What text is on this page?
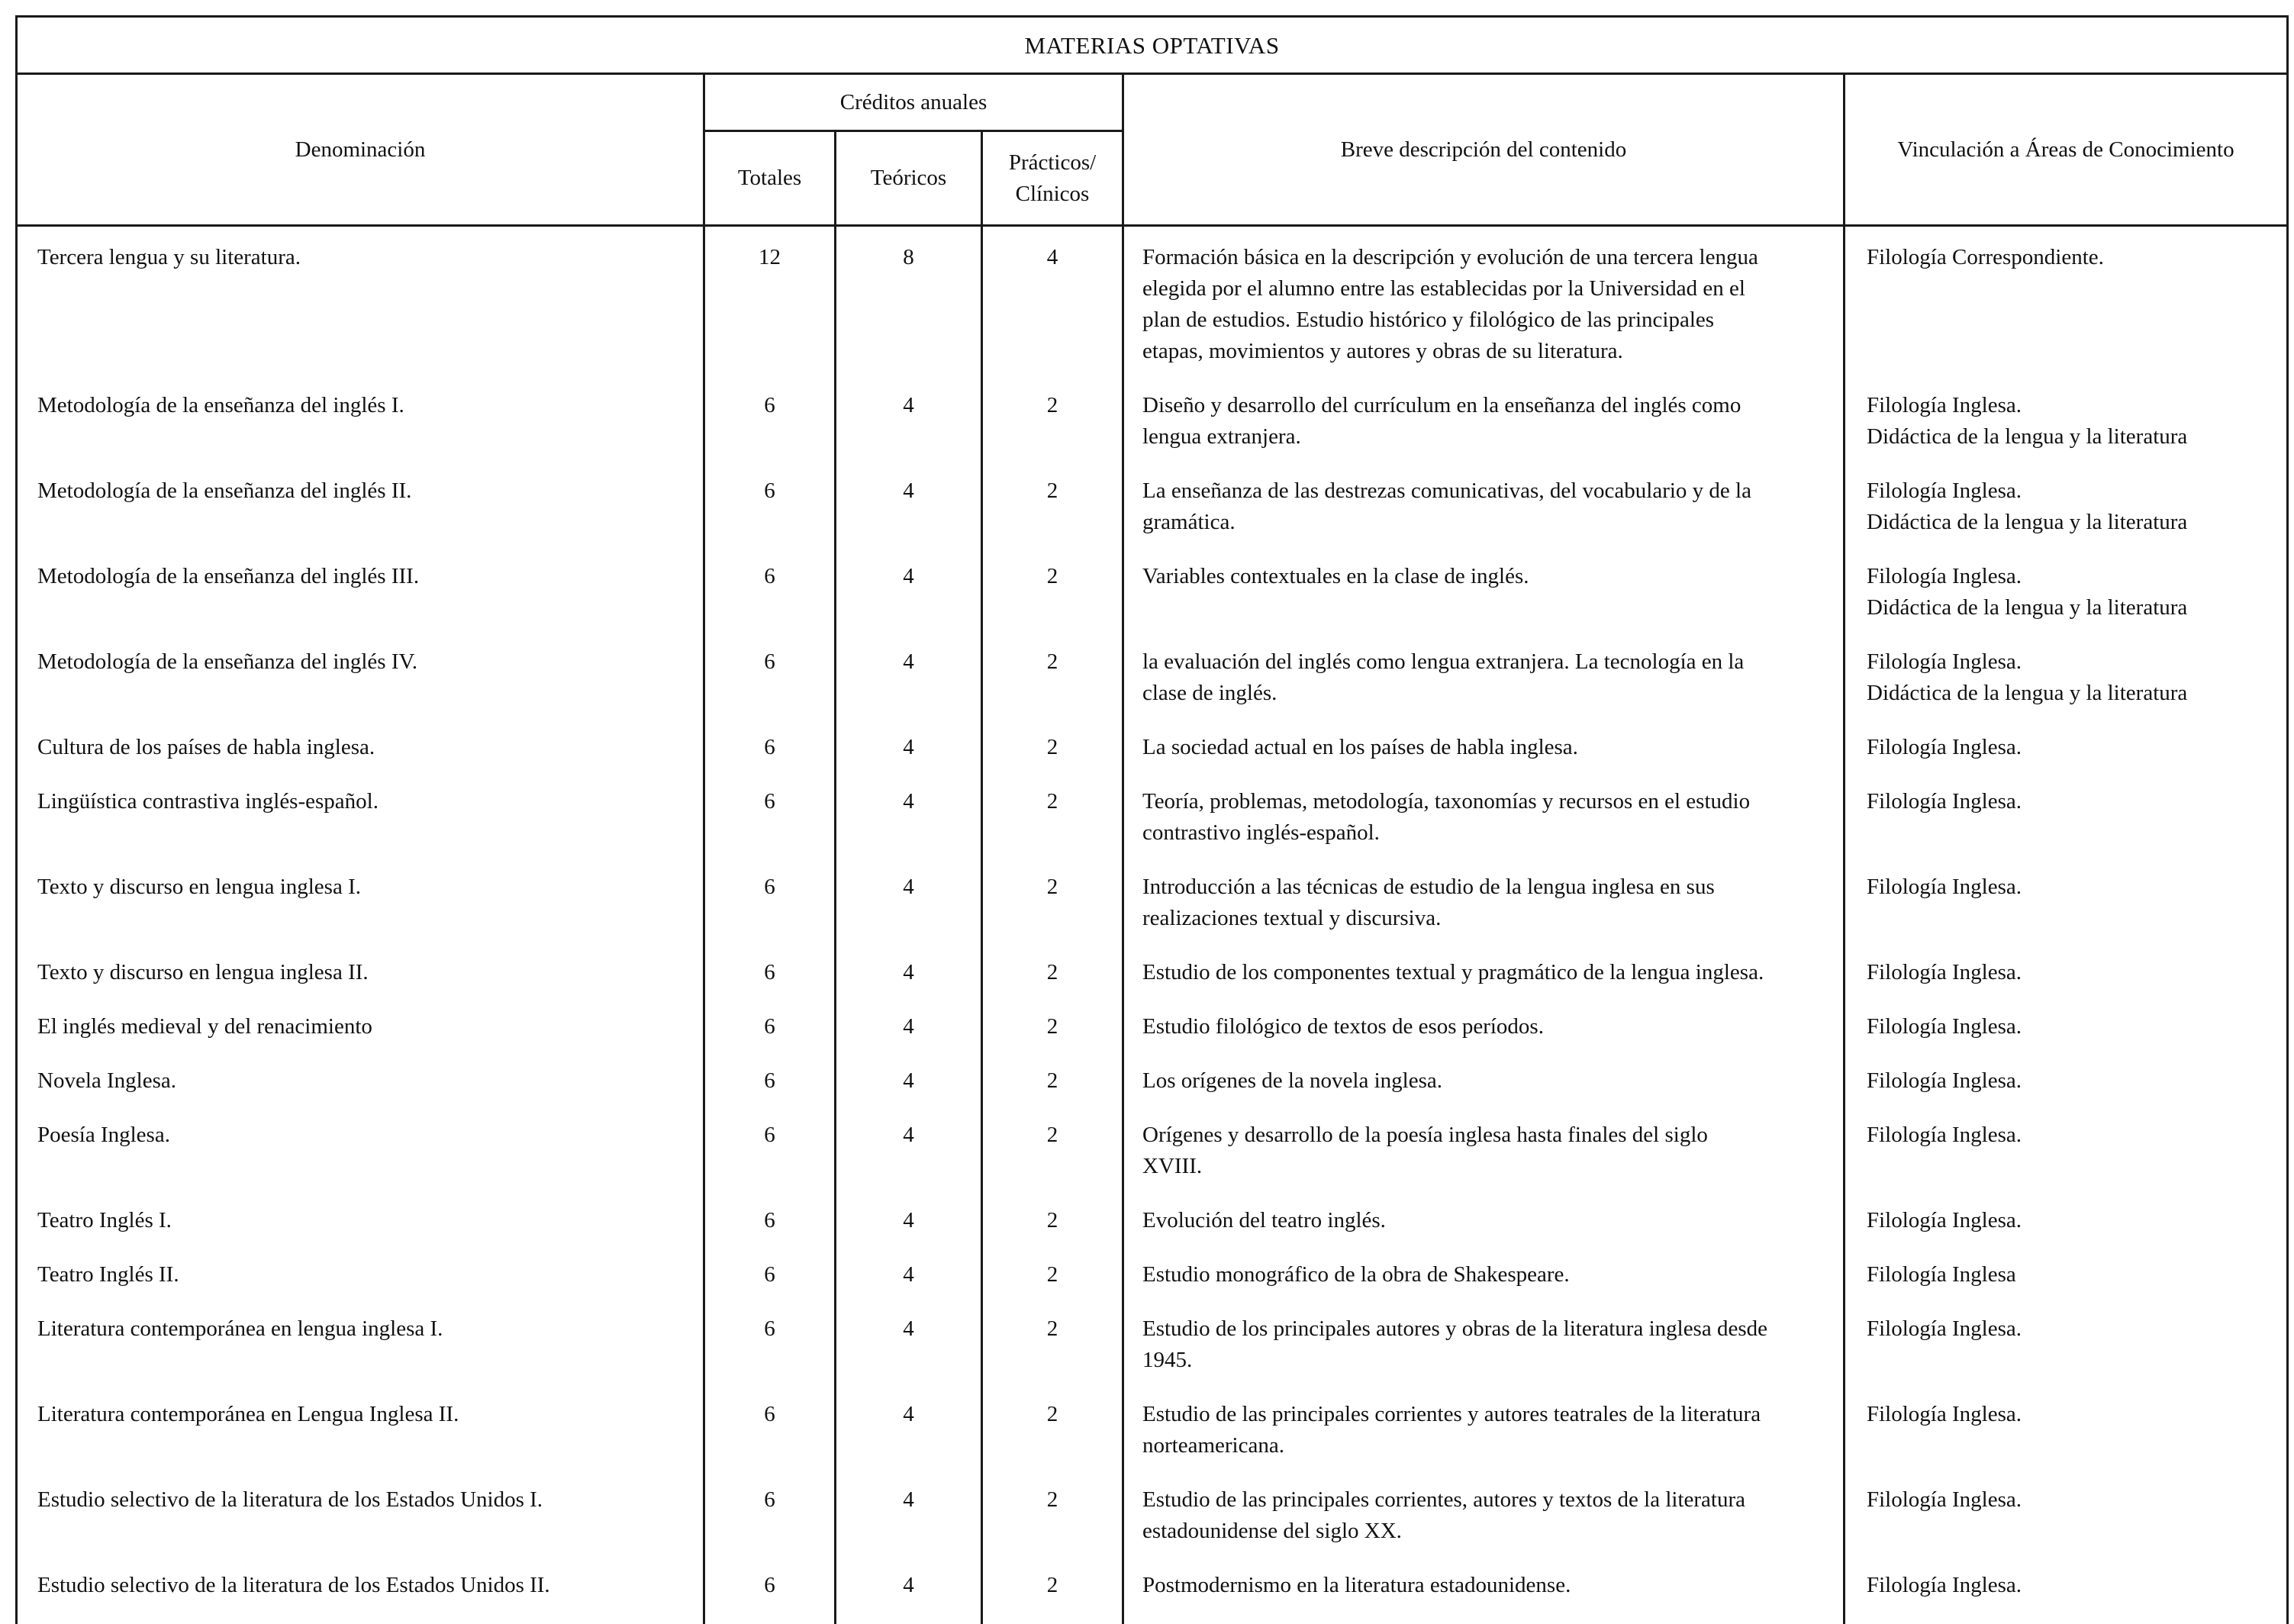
MATERIAS OPTATIVAS					
Denominación	Créditos anuales			Breve descripción del contenido	Vinculación a Áreas de Conocimiento
	Totales	Teóricos	Prácticos/
Clínicos		

Tercera lengua y su literatura.	12	8	4	Formación básica en la descripción y evolución de una tercera lengua
elegida por el alumno entre las establecidas por la Universidad en el
plan de estudios. Estudio histórico y filológico de las principales
etapas, movimientos y autores y obras de su literatura.	Filología Correspondiente.

Metodología de la enseñanza del inglés I.	6	4	2	Diseño y desarrollo del currículum en la enseñanza del inglés como
lengua extranjera.	Filología Inglesa.
Didáctica de la lengua y la literatura

Metodología de la enseñanza del inglés II.	6	4	2	La enseñanza de las destrezas comunicativas, del vocabulario y de la
gramática.	Filología Inglesa.
Didáctica de la lengua y la literatura

Metodología de la enseñanza del inglés III.	6	4	2	Variables contextuales en la clase de inglés.	Filología Inglesa.
Didáctica de la lengua y la literatura

Metodología de la enseñanza del inglés IV.	6	4	2	la evaluación del inglés como lengua extranjera. La tecnología en la
clase de inglés.	Filología Inglesa.
Didáctica de la lengua y la literatura

Cultura de los países de habla inglesa.	6	4	2	La sociedad actual en los países de habla inglesa.	Filología Inglesa.

Lingüística contrastiva inglés-español.	6	4	2	Teoría, problemas, metodología, taxonomías y recursos en el estudio
contrastivo inglés-español.	Filología Inglesa.

Texto y discurso en lengua inglesa I.	6	4	2	Introducción a las técnicas de estudio de la lengua inglesa en sus
realizaciones textual y discursiva.	Filología Inglesa.

Texto y discurso en lengua inglesa II.	6	4	2	Estudio de los componentes textual y pragmático de la lengua inglesa.	Filología Inglesa.

El inglés medieval y del renacimiento	6	4	2	Estudio filológico de textos de esos períodos.	Filología Inglesa.

Novela Inglesa.	6	4	2	Los orígenes de la novela inglesa.	Filología Inglesa.

Poesía Inglesa.	6	4	2	Orígenes y desarrollo de la poesía inglesa hasta finales del siglo
XVIII.	Filología Inglesa.

Teatro Inglés I.	6	4	2	Evolución del teatro inglés.	Filología Inglesa.

Teatro Inglés II.	6	4	2	Estudio monográfico de la obra de Shakespeare.	Filología Inglesa

Literatura contemporánea en lengua inglesa I.	6	4	2	Estudio de los principales autores y obras de la literatura inglesa desde
1945.	Filología Inglesa.

Literatura contemporánea en Lengua Inglesa II.	6	4	2	Estudio de las principales corrientes y autores teatrales de la literatura
norteamericana.	Filología Inglesa.

Estudio selectivo de la literatura de los Estados Unidos I.	6	4	2	Estudio de las principales corrientes, autores y textos de la literatura
estadounidense del siglo XX.	Filología Inglesa.

Estudio selectivo de la literatura de los Estados Unidos II.	6	4	2	Postmodernismo en la literatura estadounidense.	Filología Inglesa.
